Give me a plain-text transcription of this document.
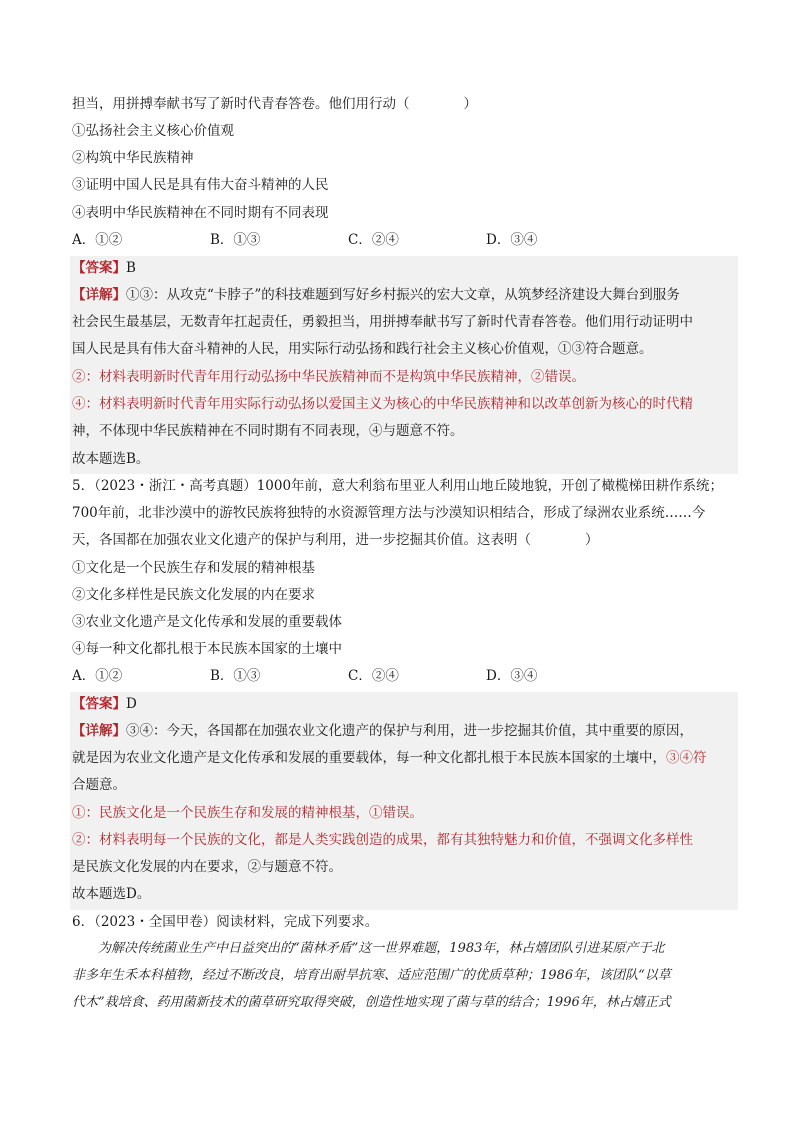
担当，用拼搏奉献书写了新时代青春答卷。他们用行动（　　　　）
①弘扬社会主义核心价值观
②构筑中华民族精神
③证明中国人民是具有伟大奋斗精神的人民
④表明中华民族精神在不同时期有不同表现
A．①②	B．①③	C．②④	D．③④
【答案】B
【详解】①③：从攻克“卡脖子”的科技难题到写好乡村振兴的宏大文章，从筑梦经济建设大舞台到服务
社会民生最基层，无数青年扛起责任，勇毅担当，用拼搏奉献书写了新时代青春答卷。他们用行动证明中
国人民是具有伟大奋斗精神的人民，用实际行动弘扬和践行社会主义核心价值观，①③符合题意。
②：材料表明新时代青年用行动弘扬中华民族精神而不是构筑中华民族精神，②错误。
④：材料表明新时代青年用实际行动弘扬以爱国主义为核心的中华民族精神和以改革创新为核心的时代精
神，不体现中华民族精神在不同时期有不同表现，④与题意不符。
故本题选B。
5．（2023・浙江・高考真题）1000年前，意大利翁布里亚人利用山地丘陵地貌，开创了橄榄梯田耕作系统；
700年前，北非沙漠中的游牧民族将独特的水资源管理方法与沙漠知识相结合，形成了绿洲农业系统……今
天，各国都在加强农业文化遗产的保护与利用，进一步挖掘其价值。这表明（　　　　）
①文化是一个民族生存和发展的精神根基
②文化多样性是民族文化发展的内在要求
③农业文化遗产是文化传承和发展的重要载体
④每一种文化都扎根于本民族本国家的土壤中
A．①②	B．①③	C．②④	D．③④
【答案】D
【详解】③④：今天，各国都在加强农业文化遗产的保护与利用，进一步挖掘其价值，其中重要的原因，
就是因为农业文化遗产是文化传承和发展的重要载体，每一种文化都扎根于本民族本国家的土壤中，③④符
合题意。
①：民族文化是一个民族生存和发展的精神根基，①错误。
②：材料表明每一个民族的文化，都是人类实践创造的成果，都有其独特魅力和价值，不强调文化多样性
是民族文化发展的内在要求，②与题意不符。
故本题选D。
6．（2023・全国甲卷）阅读材料，完成下列要求。
为解决传统菌业生产中日益突出的“菌林矛盾”这一世界难题，1983年，林占熺团队引进某原产于北
非多年生禾本科植物，经过不断改良，培育出耐旱抗寒、适应范围广的优质草种；1986年，该团队“以草
代木”栽培食、药用菌新技术的菌草研究取得突破，创造性地实现了菌与草的结合；1996年，林占熺正式
